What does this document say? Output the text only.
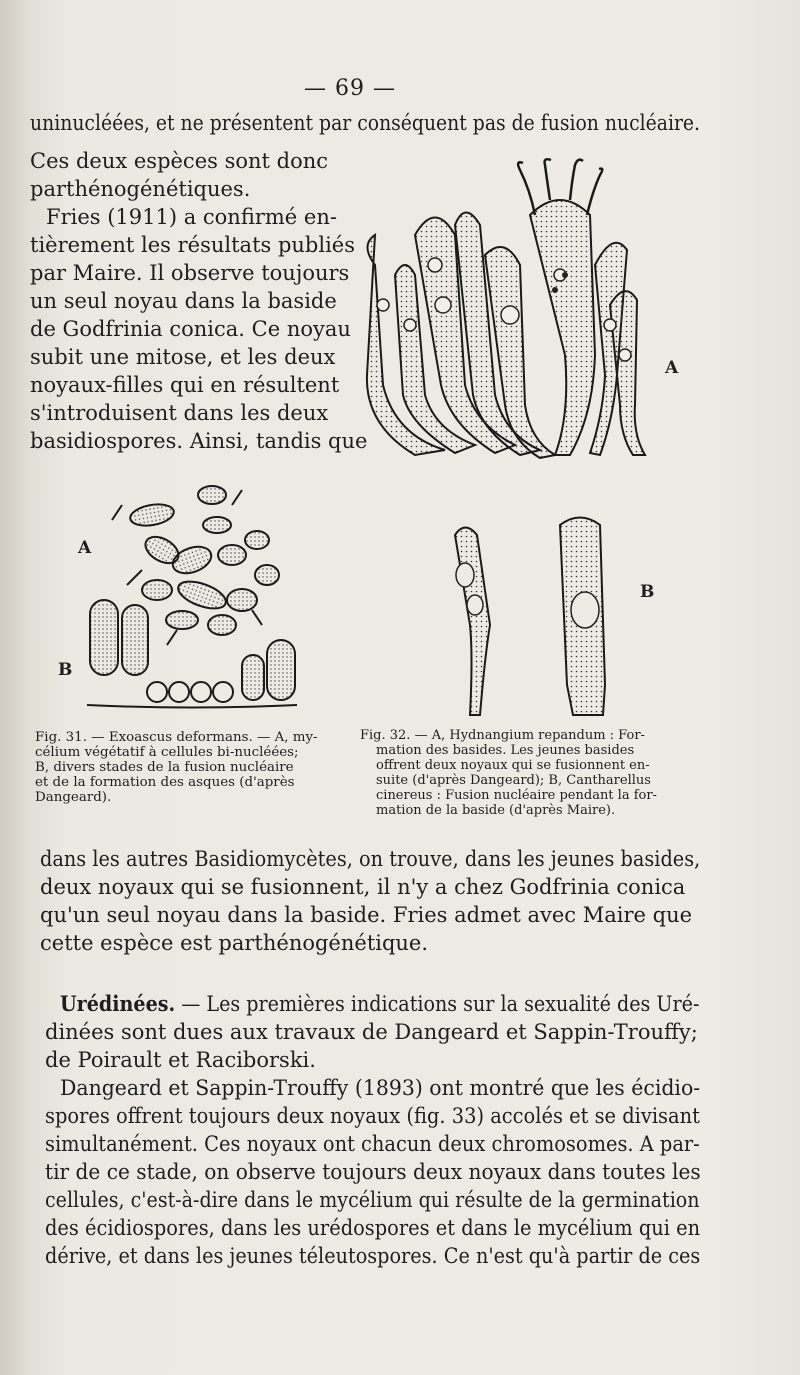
— 69 —
uninucléées, et ne présentent par conséquent pas de fusion nucléaire.
Ces deux espèces sont donc
parthénogénétiques.
Fries (1911) a confirmé en-
tièrement les résultats publiés
par Maire. Il observe toujours
un seul noyau dans la baside
de Godfrinia conica. Ce noyau
subit une mitose, et les deux
noyaux-filles qui en résultent
s'introduisent dans les deux
basidiospores. Ainsi, tandis que
A
A
B
B
Fig. 31. — Exoascus deformans. — A, my-
célium végétatif à cellules bi-nucléées;
B, divers stades de la fusion nucléaire
et de la formation des asques (d'après
Dangeard).
Fig. 32. — A, Hydnangium repandum : For-
mation des basides. Les jeunes basides
offrent deux noyaux qui se fusionnent en-
suite (d'après Dangeard); B, Cantharellus
cinereus : Fusion nucléaire pendant la for-
mation de la baside (d'après Maire).
dans les autres Basidiomycètes, on trouve, dans les jeunes basides,
deux noyaux qui se fusionnent, il n'y a chez Godfrinia conica
qu'un seul noyau dans la baside. Fries admet avec Maire que
cette espèce est parthénogénétique.
Urédinées. — Les premières indications sur la sexualité des Uré-
dinées sont dues aux travaux de Dangeard et Sappin-Trouffy;
de Poirault et Raciborski.
Dangeard et Sappin-Trouffy (1893) ont montré que les écidio-
spores offrent toujours deux noyaux (fig. 33) accolés et se divisant
simultanément. Ces noyaux ont chacun deux chromosomes. A par-
tir de ce stade, on observe toujours deux noyaux dans toutes les
cellules, c'est-à-dire dans le mycélium qui résulte de la germination
des écidiospores, dans les urédospores et dans le mycélium qui en
dérive, et dans les jeunes téleutospores. Ce n'est qu'à partir de ces
